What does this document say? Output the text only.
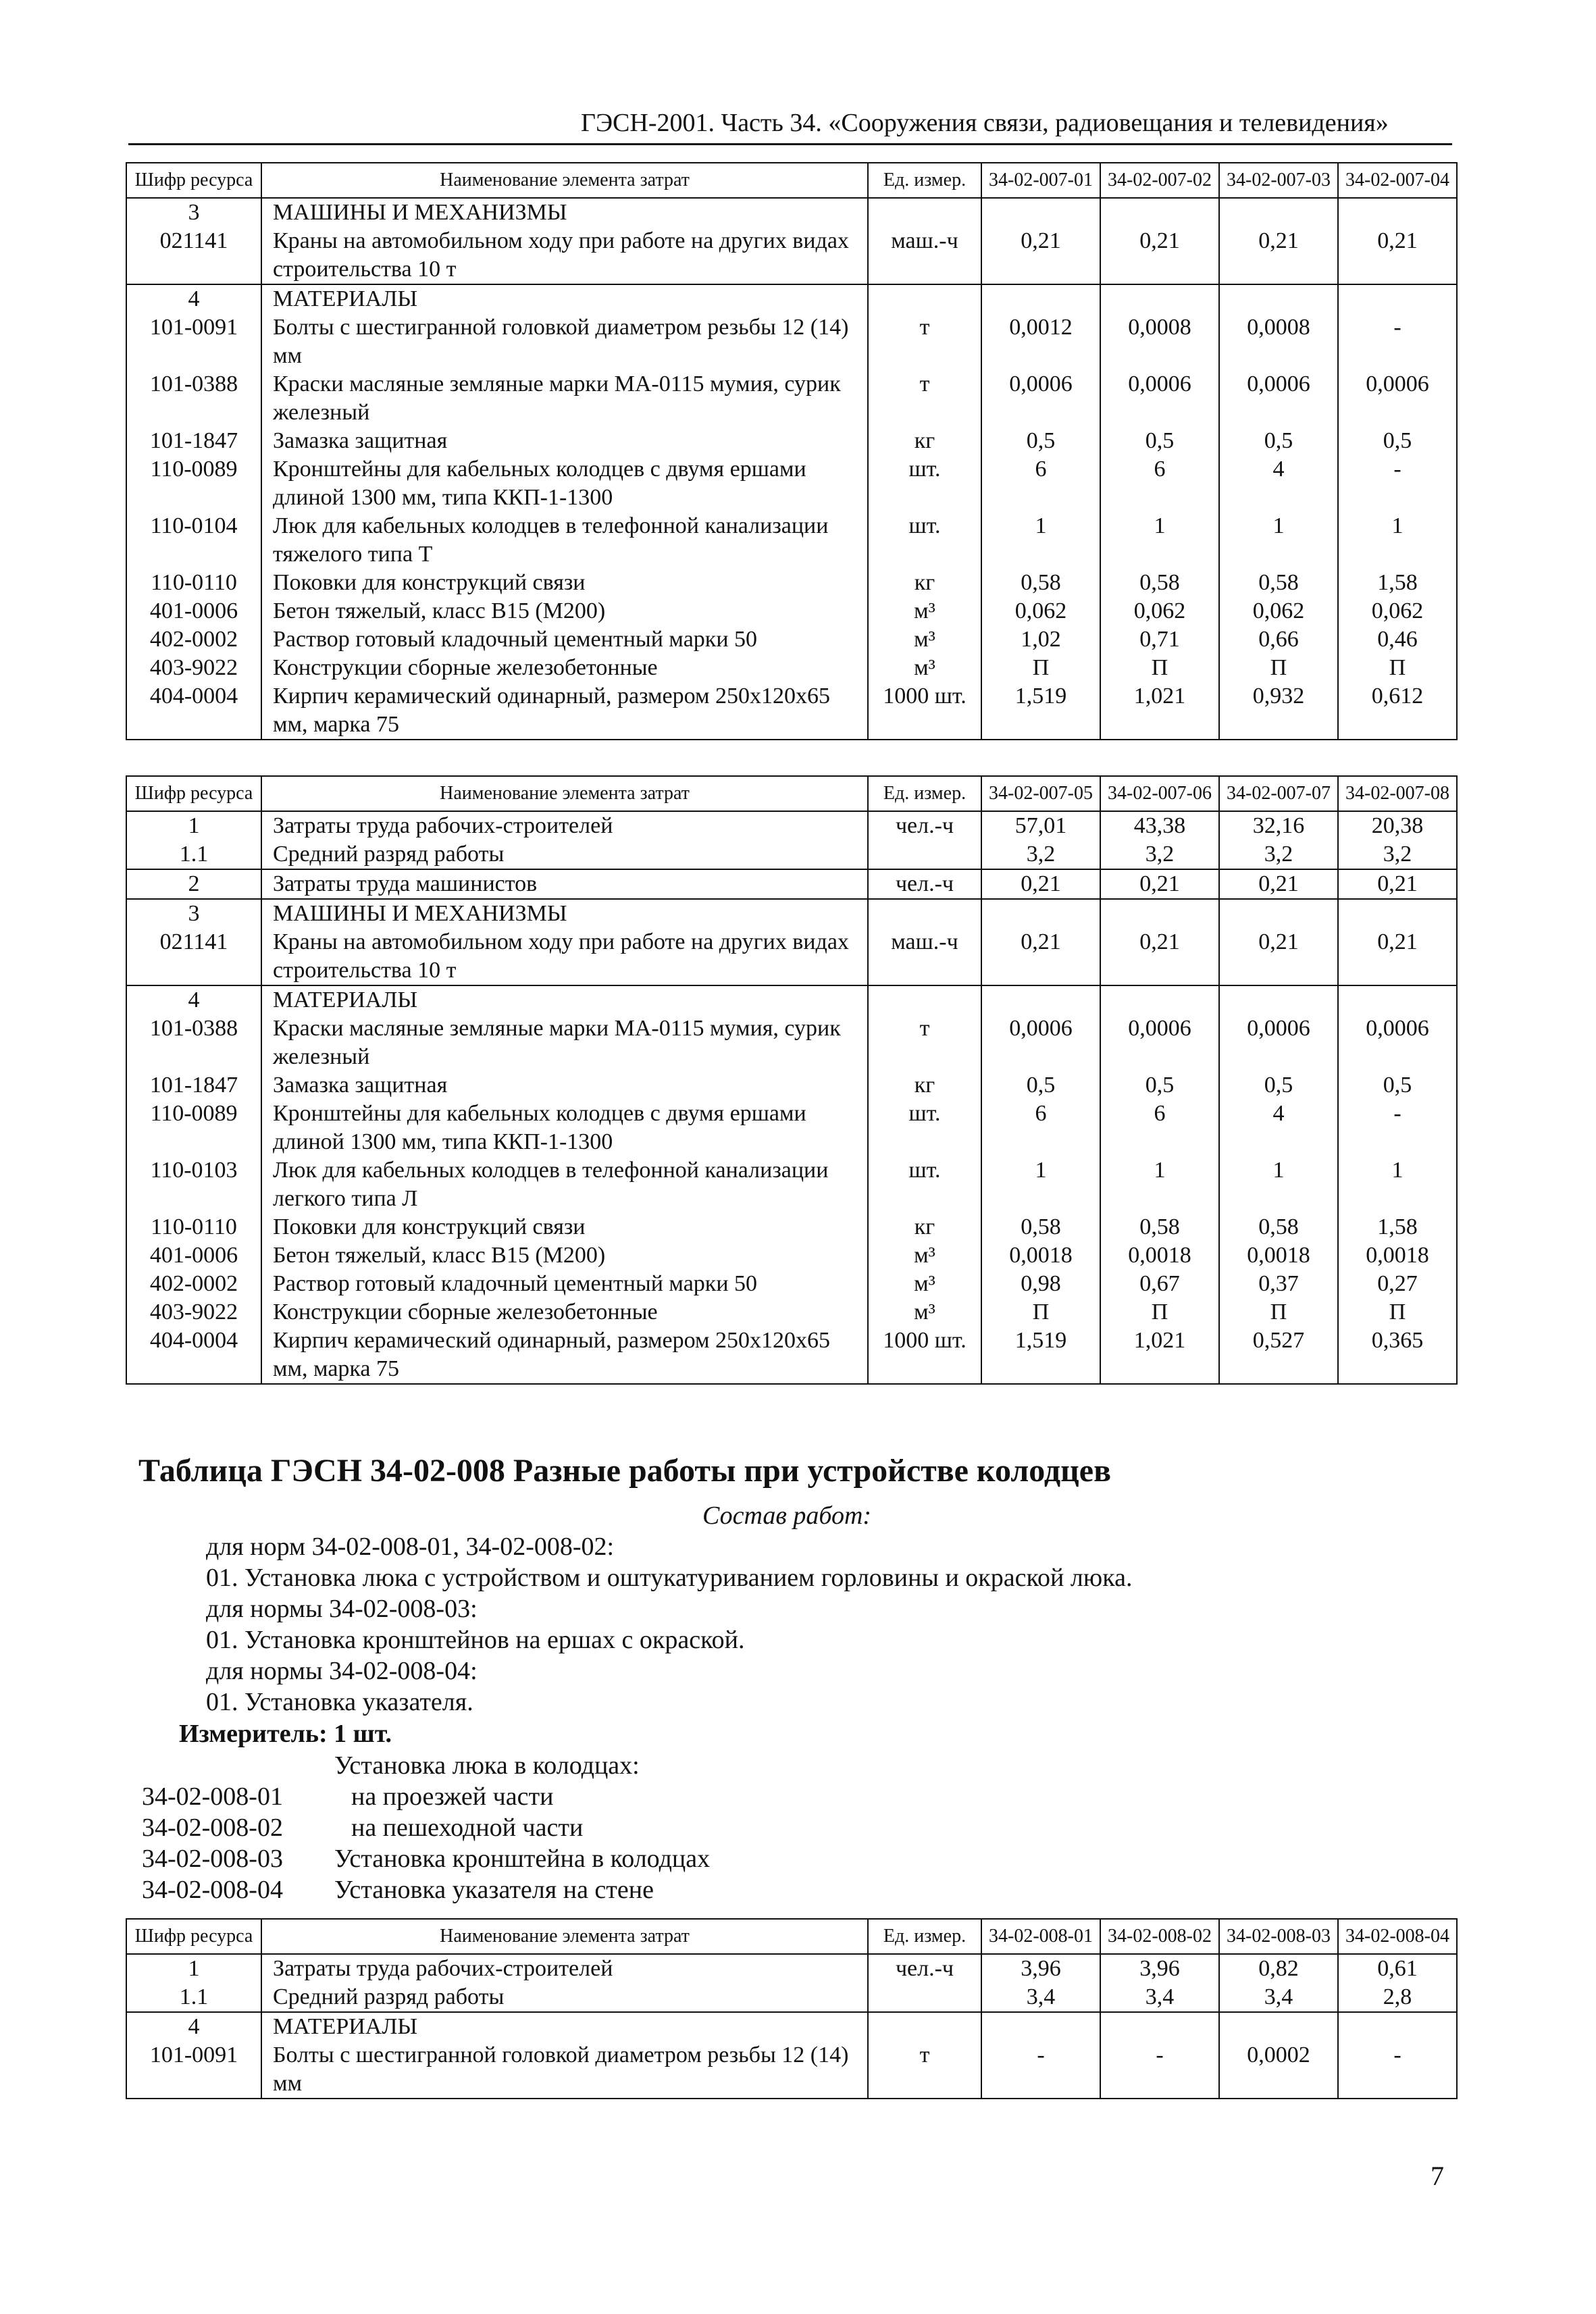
ГЭСН-2001. Часть 34. «Сооружения связи, радиовещания и телевидения»
Шифр ресурса	Наименование элемента затрат	Ед. измер.	34-02-007-01	34-02-007-02	34-02-007-03	34-02-007-04
3	МАШИНЫ И МЕХАНИЗМЫ					
021141	Краны на автомобильном ходу при работе на других видах строительства 10 т	маш.-ч	0,21	0,21	0,21	0,21
4	МАТЕРИАЛЫ					
101-0091	Болты с шестигранной головкой диаметром резьбы 12 (14) мм	т	0,0012	0,0008	0,0008	-
101-0388	Краски масляные земляные марки МА-0115 мумия, сурик железный	т	0,0006	0,0006	0,0006	0,0006
101-1847	Замазка защитная	кг	0,5	0,5	0,5	0,5
110-0089	Кронштейны для кабельных колодцев с двумя ершами длиной 1300 мм, типа ККП-1-1300	шт.	6	6	4	-
110-0104	Люк для кабельных колодцев в телефонной канализации тяжелого типа Т	шт.	1	1	1	1
110-0110	Поковки для конструкций связи	кг	0,58	0,58	0,58	1,58
401-0006	Бетон тяжелый, класс В15 (М200)	м³	0,062	0,062	0,062	0,062
402-0002	Раствор готовый кладочный цементный марки 50	м³	1,02	0,71	0,66	0,46
403-9022	Конструкции сборные железобетонные	м³	П	П	П	П
404-0004	Кирпич керамический одинарный, размером 250х120х65 мм, марка 75	1000 шт.	1,519	1,021	0,932	0,612
Шифр ресурса	Наименование элемента затрат	Ед. измер.	34-02-007-05	34-02-007-06	34-02-007-07	34-02-007-08
1	Затраты труда рабочих-строителей	чел.-ч	57,01	43,38	32,16	20,38
1.1	Средний разряд работы		3,2	3,2	3,2	3,2
2	Затраты труда машинистов	чел.-ч	0,21	0,21	0,21	0,21
3	МАШИНЫ И МЕХАНИЗМЫ					
021141	Краны на автомобильном ходу при работе на других видах строительства 10 т	маш.-ч	0,21	0,21	0,21	0,21
4	МАТЕРИАЛЫ					
101-0388	Краски масляные земляные марки МА-0115 мумия, сурик железный	т	0,0006	0,0006	0,0006	0,0006
101-1847	Замазка защитная	кг	0,5	0,5	0,5	0,5
110-0089	Кронштейны для кабельных колодцев с двумя ершами длиной 1300 мм, типа ККП-1-1300	шт.	6	6	4	-
110-0103	Люк для кабельных колодцев в телефонной канализации легкого типа Л	шт.	1	1	1	1
110-0110	Поковки для конструкций связи	кг	0,58	0,58	0,58	1,58
401-0006	Бетон тяжелый, класс В15 (М200)	м³	0,0018	0,0018	0,0018	0,0018
402-0002	Раствор готовый кладочный цементный марки 50	м³	0,98	0,67	0,37	0,27
403-9022	Конструкции сборные железобетонные	м³	П	П	П	П
404-0004	Кирпич керамический одинарный, размером 250х120х65 мм, марка 75	1000 шт.	1,519	1,021	0,527	0,365
Таблица ГЭСН 34-02-008 Разные работы при устройстве колодцев
Состав работ:
для норм 34-02-008-01, 34-02-008-02:
01. Установка люка с устройством и оштукатуриванием горловины и окраской люка.
для нормы 34-02-008-03:
01. Установка кронштейнов на ершах с окраской.
для нормы 34-02-008-04:
01. Установка указателя.
Измеритель: 1 шт.
Установка люка в колодцах:
34-02-008-01	на проезжей части
34-02-008-02	на пешеходной части
34-02-008-03 Установка кронштейна в колодцах
34-02-008-04 Установка указателя на стене
Шифр ресурса	Наименование элемента затрат	Ед. измер.	34-02-008-01	34-02-008-02	34-02-008-03	34-02-008-04
1	Затраты труда рабочих-строителей	чел.-ч	3,96	3,96	0,82	0,61
1.1	Средний разряд работы		3,4	3,4	3,4	2,8
4	МАТЕРИАЛЫ					
101-0091	Болты с шестигранной головкой диаметром резьбы 12 (14) мм	т	-	-	0,0002	-
7
